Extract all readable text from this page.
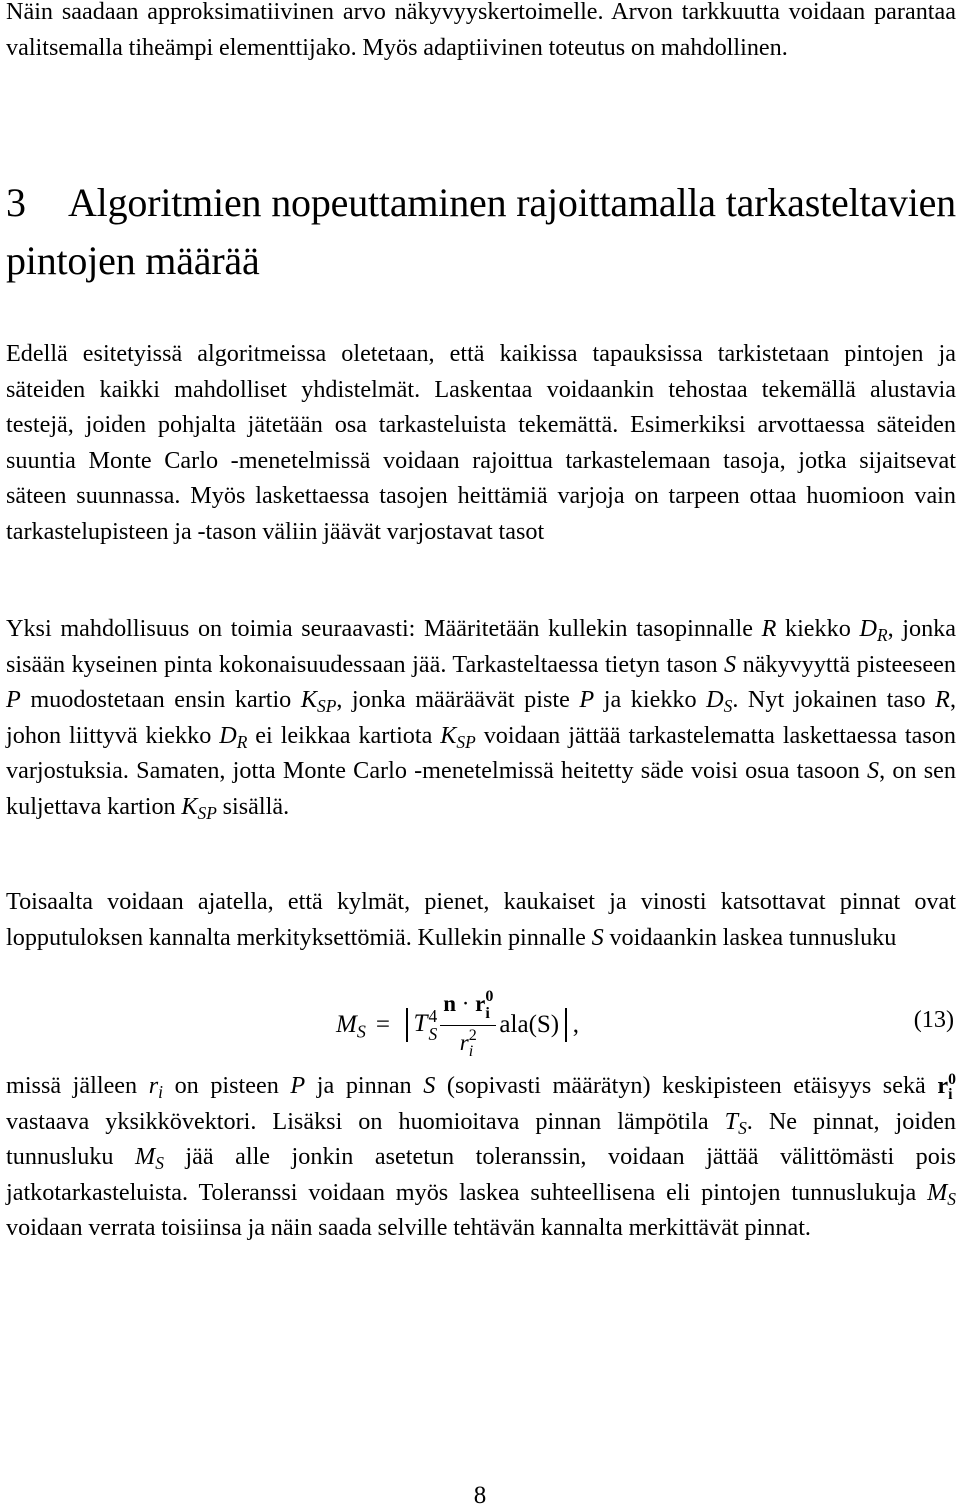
Näin saadaan approksimatiivinen arvo näkyvyyskertoimelle. Arvon tarkkuutta voidaan parantaa valitsemalla tiheämpi elementtijako. Myös adaptiivinen toteutus on mahdollinen.
3 Algoritmien nopeuttaminen rajoittamalla tarkasteltavien pintojen määrää
Edellä esitetyissä algoritmeissa oletetaan, että kaikissa tapauksissa tarkistetaan pintojen ja säteiden kaikki mahdolliset yhdistelmät. Laskentaa voidaankin tehostaa tekemällä alustavia testejä, joiden pohjalta jätetään osa tarkasteluista tekemättä. Esimerkiksi arvottaessa säteiden suuntia Monte Carlo -menetelmissä voidaan rajoittua tarkastelemaan tasoja, jotka sijaitsevat säteen suunnassa. Myös laskettaessa tasojen heittämiä varjoja on tarpeen ottaa huomioon vain tarkastelupisteen ja -tason väliin jäävät varjostavat tasot
Yksi mahdollisuus on toimia seuraavasti: Määritetään kullekin tasopinnalle R kiekko $D_R$, jonka sisään kyseinen pinta kokonaisuudessaan jää. Tarkasteltaessa tietyn tason S näkyvyyttä pisteeseen P muodostetaan ensin kartio $K_{SP}$, jonka määräävät piste P ja kiekko $D_S$. Nyt jokainen taso R, johon liittyvä kiekko $D_R$ ei leikkaa kartiota $K_{SP}$ voidaan jättää tarkastelematta laskettaessa tason varjostuksia. Samaten, jotta Monte Carlo -menetelmissä heitetty säde voisi osua tasoon S, on sen kuljettava kartion $K_{SP}$ sisällä.
Toisaalta voidaan ajatella, että kylmät, pienet, kaukaiset ja vinosti katsottavat pinnat ovat lopputuloksen kannalta merkityksettömiä. Kullekin pinnalle S voidaankin laskea tunnusluku
$M_S = T$ 4
S n · r 0
i
r 2
i ala (S) ,	(13)
missä jälleen $r_i$ on pisteen P ja pinnan S (sopivasti määrätyn) keskipisteen etäisyys sekä r 0
i
vastaava yksikkövektori. Lisäksi on huomioitava pinnan lämpötila $T_S$. Ne pinnat, joiden tunnusluku $M_S$ jää alle jonkin asetetun toleranssin, voidaan jättää välittömästi pois jatkotarkasteluista. Toleranssi voidaan myös laskea suhteellisena eli pintojen tunnuslukuja $M_S$ voidaan verrata toisiinsa ja näin saada selville tehtävän kannalta merkittävät pinnat.
8
